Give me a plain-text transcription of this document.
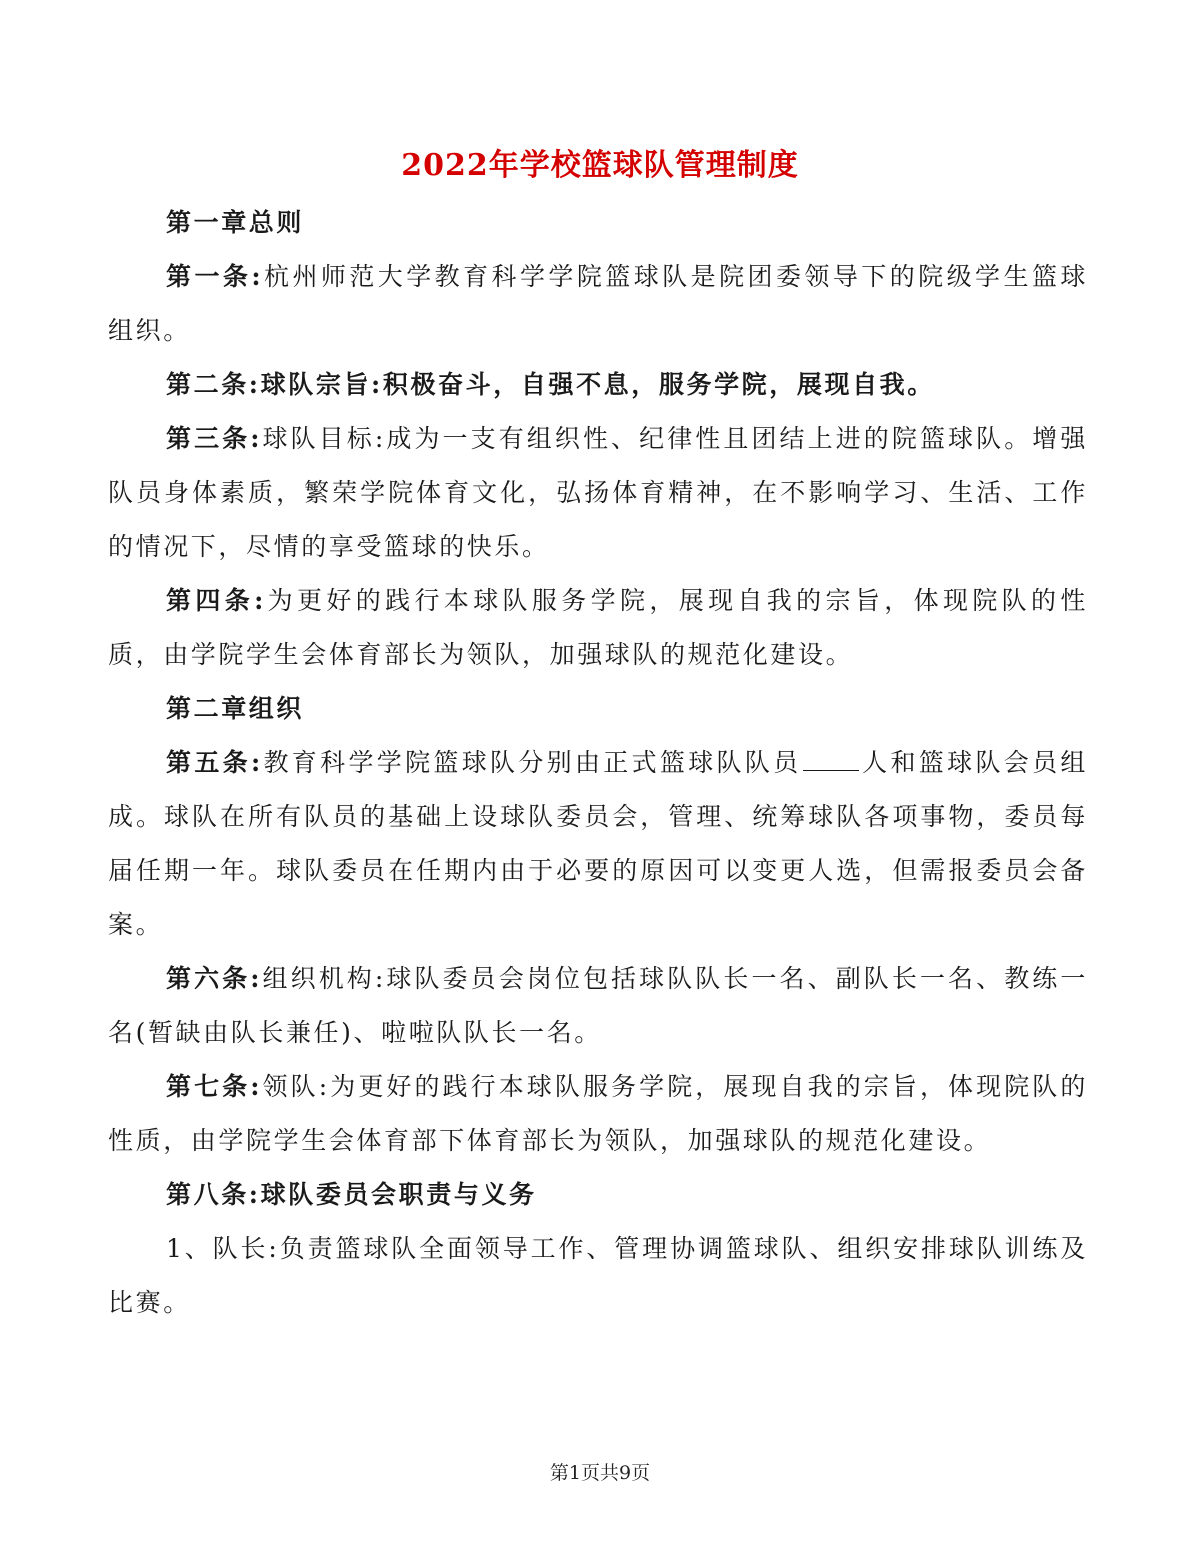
2022年学校篮球队管理制度

第一章总则

第一条:杭州师范大学教育科学学院篮球队是院团委领导下的院级学生篮球组织。

第二条:球队宗旨:积极奋斗，自强不息，服务学院，展现自我。

第三条:球队目标:成为一支有组织性、纪律性且团结上进的院篮球队。增强队员身体素质，繁荣学院体育文化，弘扬体育精神，在不影响学习、生活、工作的情况下，尽情的享受篮球的快乐。

第四条:为更好的践行本球队服务学院，展现自我的宗旨，体现院队的性质，由学院学生会体育部长为领队，加强球队的规范化建设。

第二章组织

第五条:教育科学学院篮球队分别由正式篮球队队员 人和篮球队会员组成。球队在所有队员的基础上设球队委员会，管理、统筹球队各项事物，委员每届任期一年。球队委员在任期内由于必要的原因可以变更人选，但需报委员会备案。

第六条:组织机构:球队委员会岗位包括球队队长一名、副队长一名、教练一名(暂缺由队长兼任)、啦啦队队长一名。

第七条:领队:为更好的践行本球队服务学院，展现自我的宗旨，体现院队的性质，由学院学生会体育部下体育部长为领队，加强球队的规范化建设。

第八条:球队委员会职责与义务

1、队长:负责篮球队全面领导工作、管理协调篮球队、组织安排球队训练及比赛。

第1页共9页
